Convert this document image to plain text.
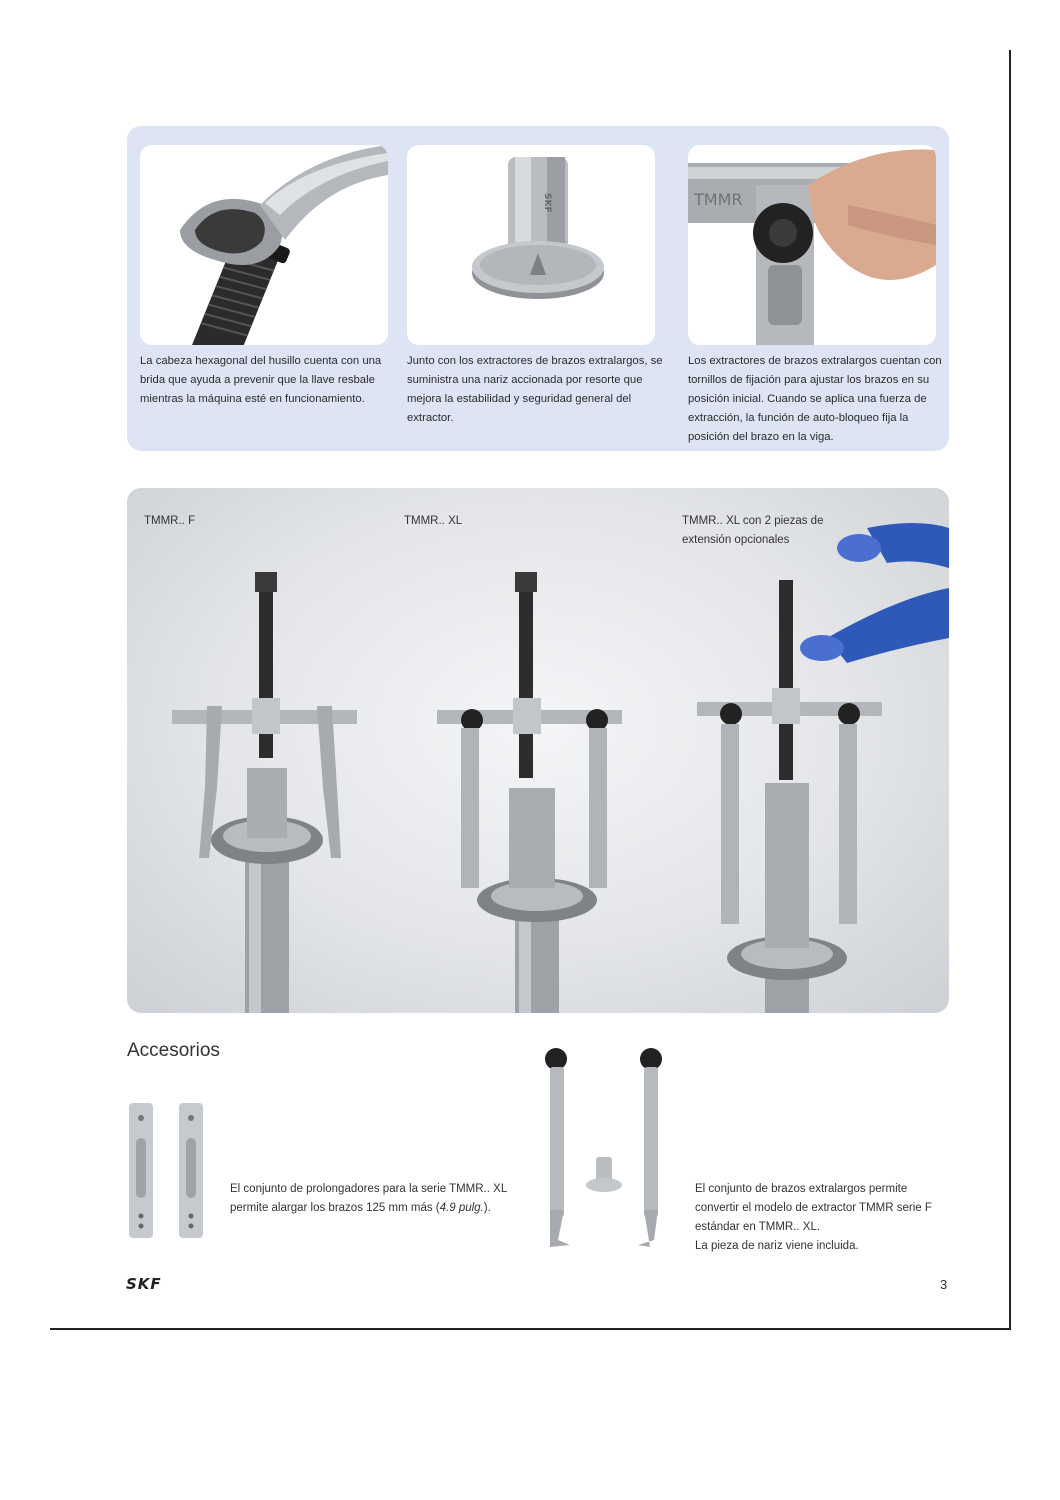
SKF	TMMR
La cabeza hexagonal del husillo cuenta con una brida que ayuda a prevenir que la llave resbale mientras la máquina esté en funcionamiento.
Junto con los extractores de brazos extralargos, se suministra una nariz accionada por resorte que mejora la estabilidad y seguridad general del extractor.
Los extractores de brazos extralargos cuentan con tornillos de fijación para ajustar los brazos en su posición inicial. Cuando se aplica una fuerza de extracción, la función de auto-bloqueo fija la posición del brazo en la viga.
TMMR.. F	TMMR.. XL	TMMR.. XL con 2 piezas de extensión opcionales
Accesorios
El conjunto de prolongadores para la serie TMMR.. XL permite alargar los brazos 125 mm más (4.9 pulg.).
El conjunto de brazos extralargos permite
convertir el modelo de extractor TMMR serie F
estándar en TMMR.. XL.
La pieza de nariz viene incluida.
SKF	3
